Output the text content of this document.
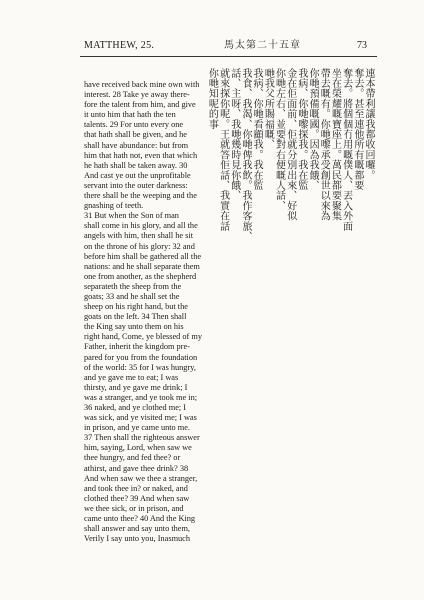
MATTHEW, 25.	馬太第二十五章	73
have received back mine own with
interest. 28 Take ye away there-
fore the talent from him, and give
it unto him that hath the ten
talents. 29 For unto every one
that hath shall be given, and he
shall have abundance: but from
him that hath not, even that which
he hath shall be taken away. 30
And cast ye out the unprofitable
servant into the outer darkness:
there shall be the weeping and the
gnashing of teeth.
31 But when the Son of man
shall come in his glory, and all the
angels with him, then shall he sit
on the throne of his glory: 32 and
before him shall be gathered all the
nations: and he shall separate them
one from another, as the shepherd
separateth the sheep from the
goats; 33 and he shall set the
sheep on his right hand, but the
goats on the left. 34 Then shall
the King say unto them on his
right hand, Come, ye blessed of my
Father, inherit the kingdom pre-
pared for you from the foundation
of the world: 35 for I was hungry,
and ye gave me to eat; I was
thirsty, and ye gave me drink; I
was a stranger, and ye took me in;
36 naked, and ye clothed me; I
was sick, and ye visited me; I was
in prison, and ye came unto me.
37 Then shall the righteous answer
him, saying, Lord, when saw we
thee hungry, and fed thee? or
athirst, and gave thee drink? 38
And when saw we thee a stranger,
and took thee in? or naked, and
clothed thee? 39 And when saw
we thee sick, or in prison, and
came unto thee? 40 And the King
shall answer and say unto them,
Verily I say unto you, Inasmuch
連本帶利讓我都收回囉。
奪去。甚至連他所有嘅都要
奪去。將個個冇用嘅僕人、丟入外面
坐在榮耀嘅寶座上。萬民都要聚集
帶去嘅有。你哋嚟承受創世以來為
你哋預備嘅國。因為我餓、
我病、你哋嚟探我。我在監
金在佢面前、佢就分別出來、好似
你哋左右、並要對右便嘅人話、
哋我父所賜福嘅、
我病、你哋看顧我。我在監
我食、我渴、你哋俾我飲。我作客旅、
話、主呀、我哋幾時見你餓、
就來探你呢。王就答佢話、我實在話
你哋知呢的事
